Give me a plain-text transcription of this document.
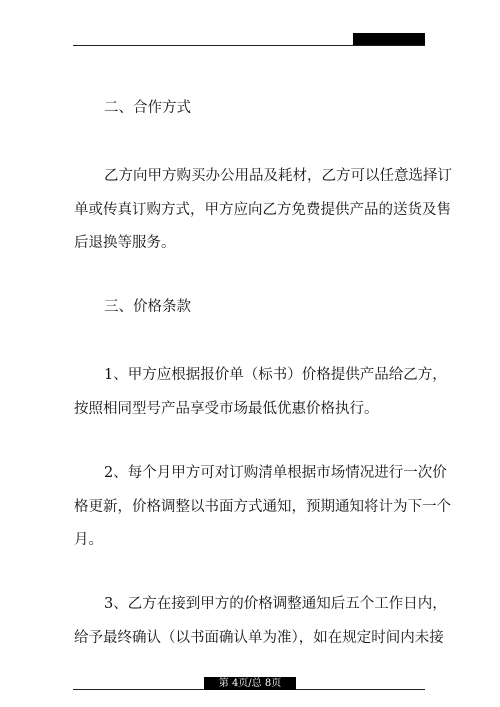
二、合作方式
乙方向甲方购买办公用品及耗材，乙方可以任意选择订
单或传真订购方式，甲方应向乙方免费提供产品的送货及售
后退换等服务。
三、价格条款
1、甲方应根据报价单（标书）价格提供产品给乙方，
按照相同型号产品享受市场最低优惠价格执行。
2、每个月甲方可对订购清单根据市场情况进行一次价
格更新，价格调整以书面方式通知，预期通知将计为下一个
月。
3、乙方在接到甲方的价格调整通知后五个工作日内，
给予最终确认（以书面确认单为准），如在规定时间内未接
第 4页/总 8页
